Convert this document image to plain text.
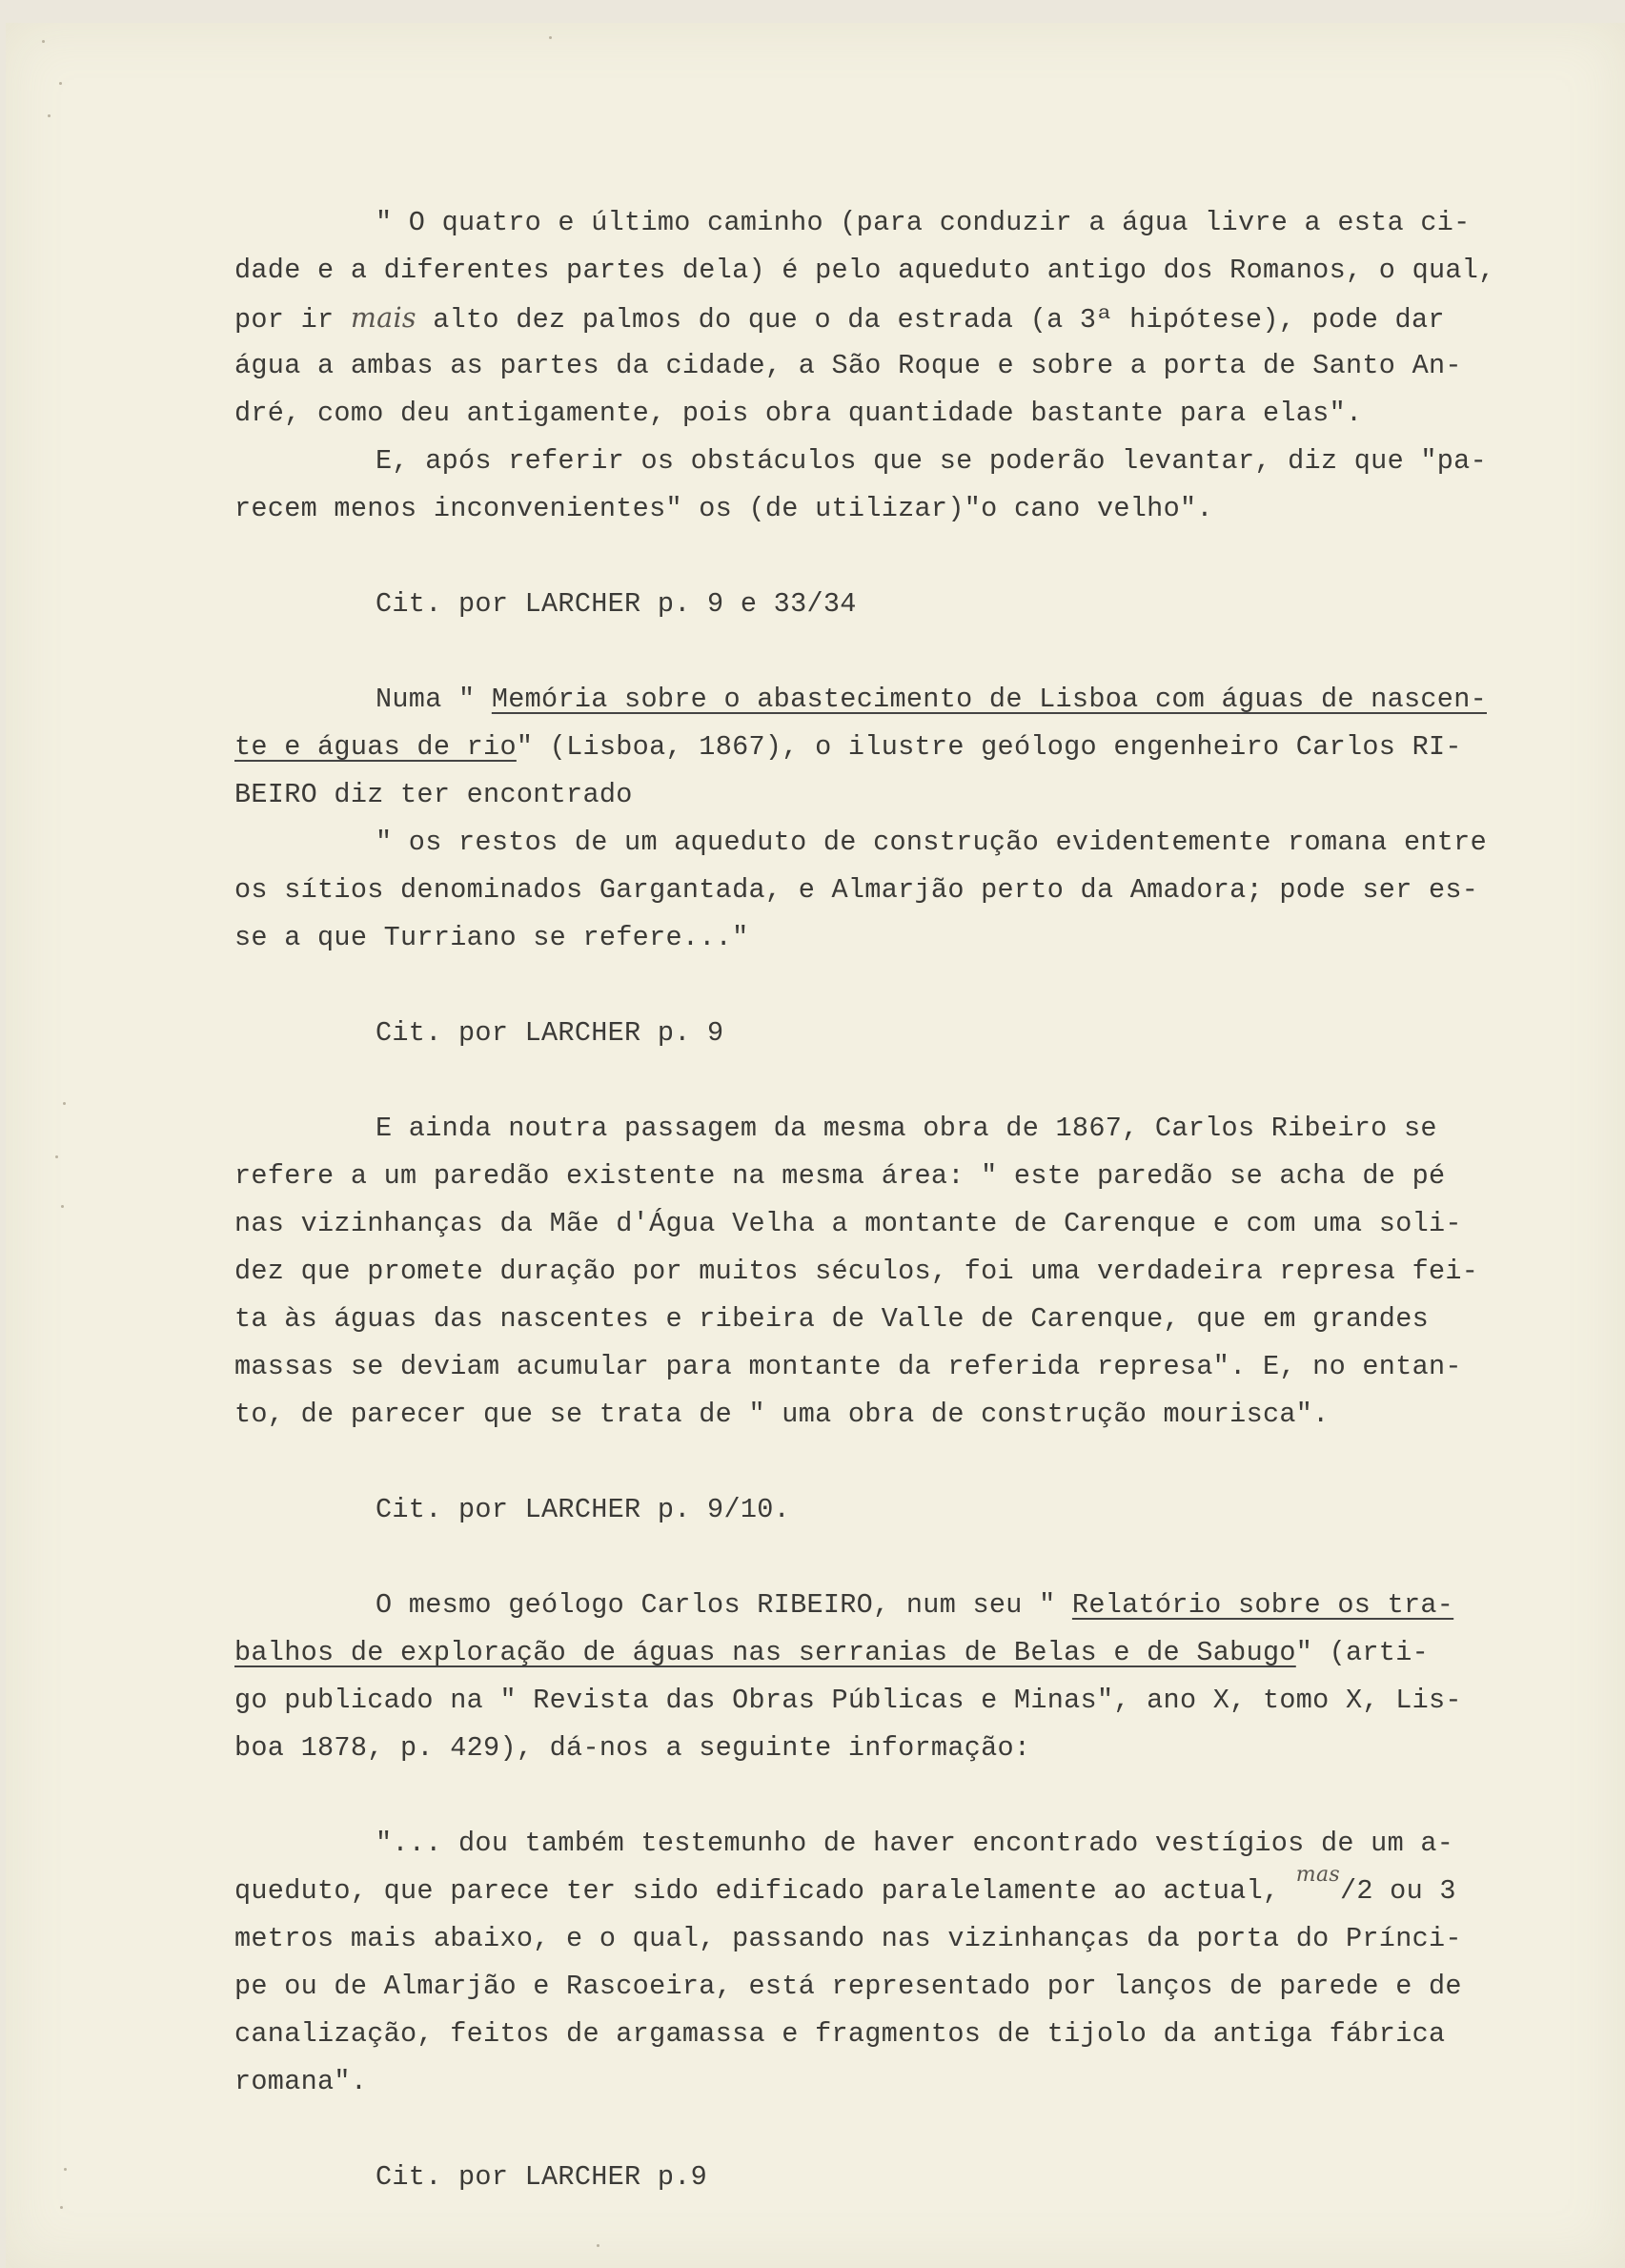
" O quatro e último caminho (para conduzir a água livre a esta ci-
dade e a diferentes partes dela) é pelo aqueduto antigo dos Romanos, o qual,
por ir mais alto dez palmos do que o da estrada (a 3ª hipótese), pode dar
água a ambas as partes da cidade, a São Roque e sobre a porta de Santo An-
dré, como deu antigamente, pois obra quantidade bastante para elas".
E, após referir os obstáculos que se poderão levantar, diz que "pa-
recem menos inconvenientes" os (de utilizar)"o cano velho".
Cit. por LARCHER p. 9 e 33/34
Numa " Memória sobre o abastecimento de Lisboa com águas de nascen-
te e águas de rio" (Lisboa, 1867), o ilustre geólogo engenheiro Carlos RI-
BEIRO diz ter encontrado
" os restos de um aqueduto de construção evidentemente romana entre
os sítios denominados Gargantada, e Almarjão perto da Amadora; pode ser es-
se a que Turriano se refere..."
Cit. por LARCHER p. 9
E ainda noutra passagem da mesma obra de 1867, Carlos Ribeiro se
refere a um paredão existente na mesma área: " este paredão se acha de pé
nas vizinhanças da Mãe d'Água Velha a montante de Carenque e com uma soli-
dez que promete duração por muitos séculos, foi uma verdadeira represa fei-
ta às águas das nascentes e ribeira de Valle de Carenque, que em grandes
massas se deviam acumular para montante da referida represa". E, no entan-
to, de parecer que se trata de " uma obra de construção mourisca".
Cit. por LARCHER p. 9/10.
O mesmo geólogo Carlos RIBEIRO, num seu " Relatório sobre os tra-
balhos de exploração de águas nas serranias de Belas e de Sabugo" (arti-
go publicado na " Revista das Obras Públicas e Minas", ano X, tomo X, Lis-
boa 1878, p. 429), dá-nos a seguinte informação:
"... dou também testemunho de haver encontrado vestígios de um a-
queduto, que parece ter sido edificado paralelamente ao actual, $^{mas}$/2 ou 3
metros mais abaixo, e o qual, passando nas vizinhanças da porta do Prínci-
pe ou de Almarjão e Rascoeira, está representado por lanços de parede e de
canalização, feitos de argamassa e fragmentos de tijolo da antiga fábrica
romana".
Cit. por LARCHER p.9
